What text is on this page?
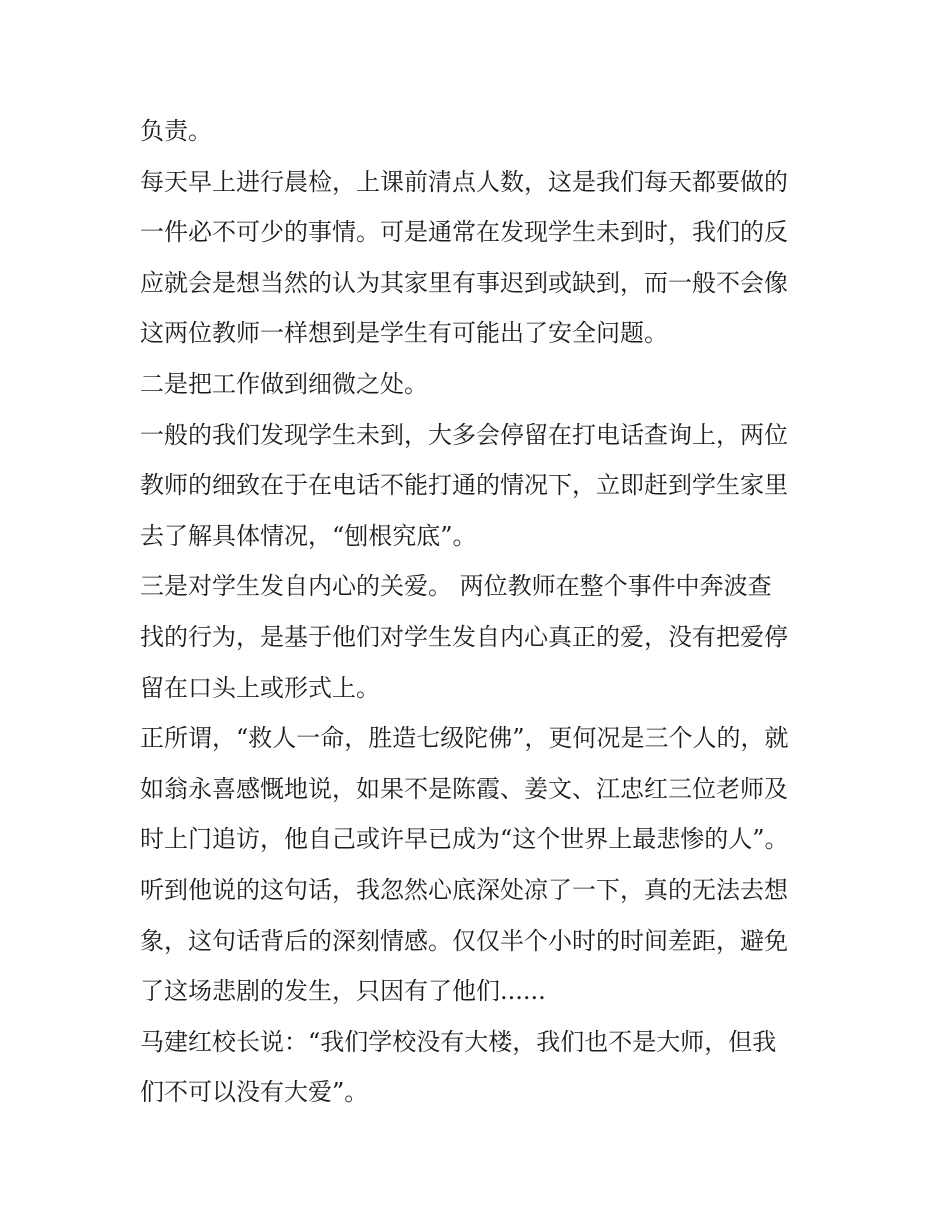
负责。
每天早上进行晨检，上课前清点人数，这是我们每天都要做的
一件必不可少的事情。可是通常在发现学生未到时，我们的反
应就会是想当然的认为其家里有事迟到或缺到，而一般不会像
这两位教师一样想到是学生有可能出了安全问题。
二是把工作做到细微之处。
一般的我们发现学生未到，大多会停留在打电话查询上，两位
教师的细致在于在电话不能打通的情况下，立即赶到学生家里
去了解具体情况，“刨根究底”。
三是对学生发自内心的关爱。 两位教师在整个事件中奔波查
找的行为，是基于他们对学生发自内心真正的爱，没有把爱停
留在口头上或形式上。
正所谓，“救人一命，胜造七级陀佛”，更何况是三个人的，就
如翁永喜感慨地说，如果不是陈霞、姜文、江忠红三位老师及
时上门追访，他自己或许早已成为“这个世界上最悲惨的人”。
听到他说的这句话，我忽然心底深处凉了一下，真的无法去想
象，这句话背后的深刻情感。仅仅半个小时的时间差距，避免
了这场悲剧的发生，只因有了他们......
马建红校长说：“我们学校没有大楼，我们也不是大师，但我
们不可以没有大爱”。
